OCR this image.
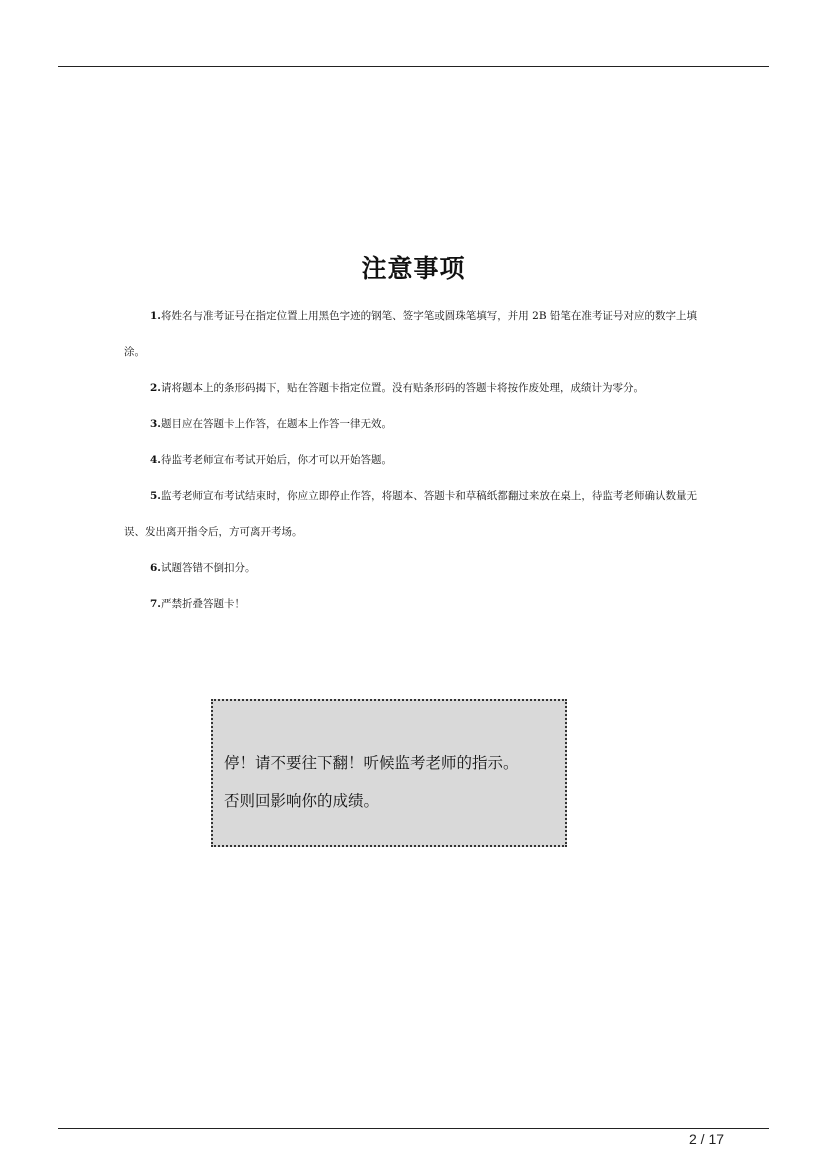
注意事项

1.将姓名与准考证号在指定位置上用黑色字迹的钢笔、签字笔或圆珠笔填写，并用 2B 铅笔在准考证号对应的数字上填涂。

2.请将题本上的条形码揭下，贴在答题卡指定位置。没有贴条形码的答题卡将按作废处理，成绩计为零分。

3.题目应在答题卡上作答，在题本上作答一律无效。

4.待监考老师宣布考试开始后，你才可以开始答题。

5.监考老师宣布考试结束时，你应立即停止作答，将题本、答题卡和草稿纸都翻过来放在桌上，待监考老师确认数量无误、发出离开指令后，方可离开考场。

6.试题答错不倒扣分。

7.严禁折叠答题卡！

停！请不要往下翻！听候监考老师的指示。
否则回影响你的成绩。
2 / 17
